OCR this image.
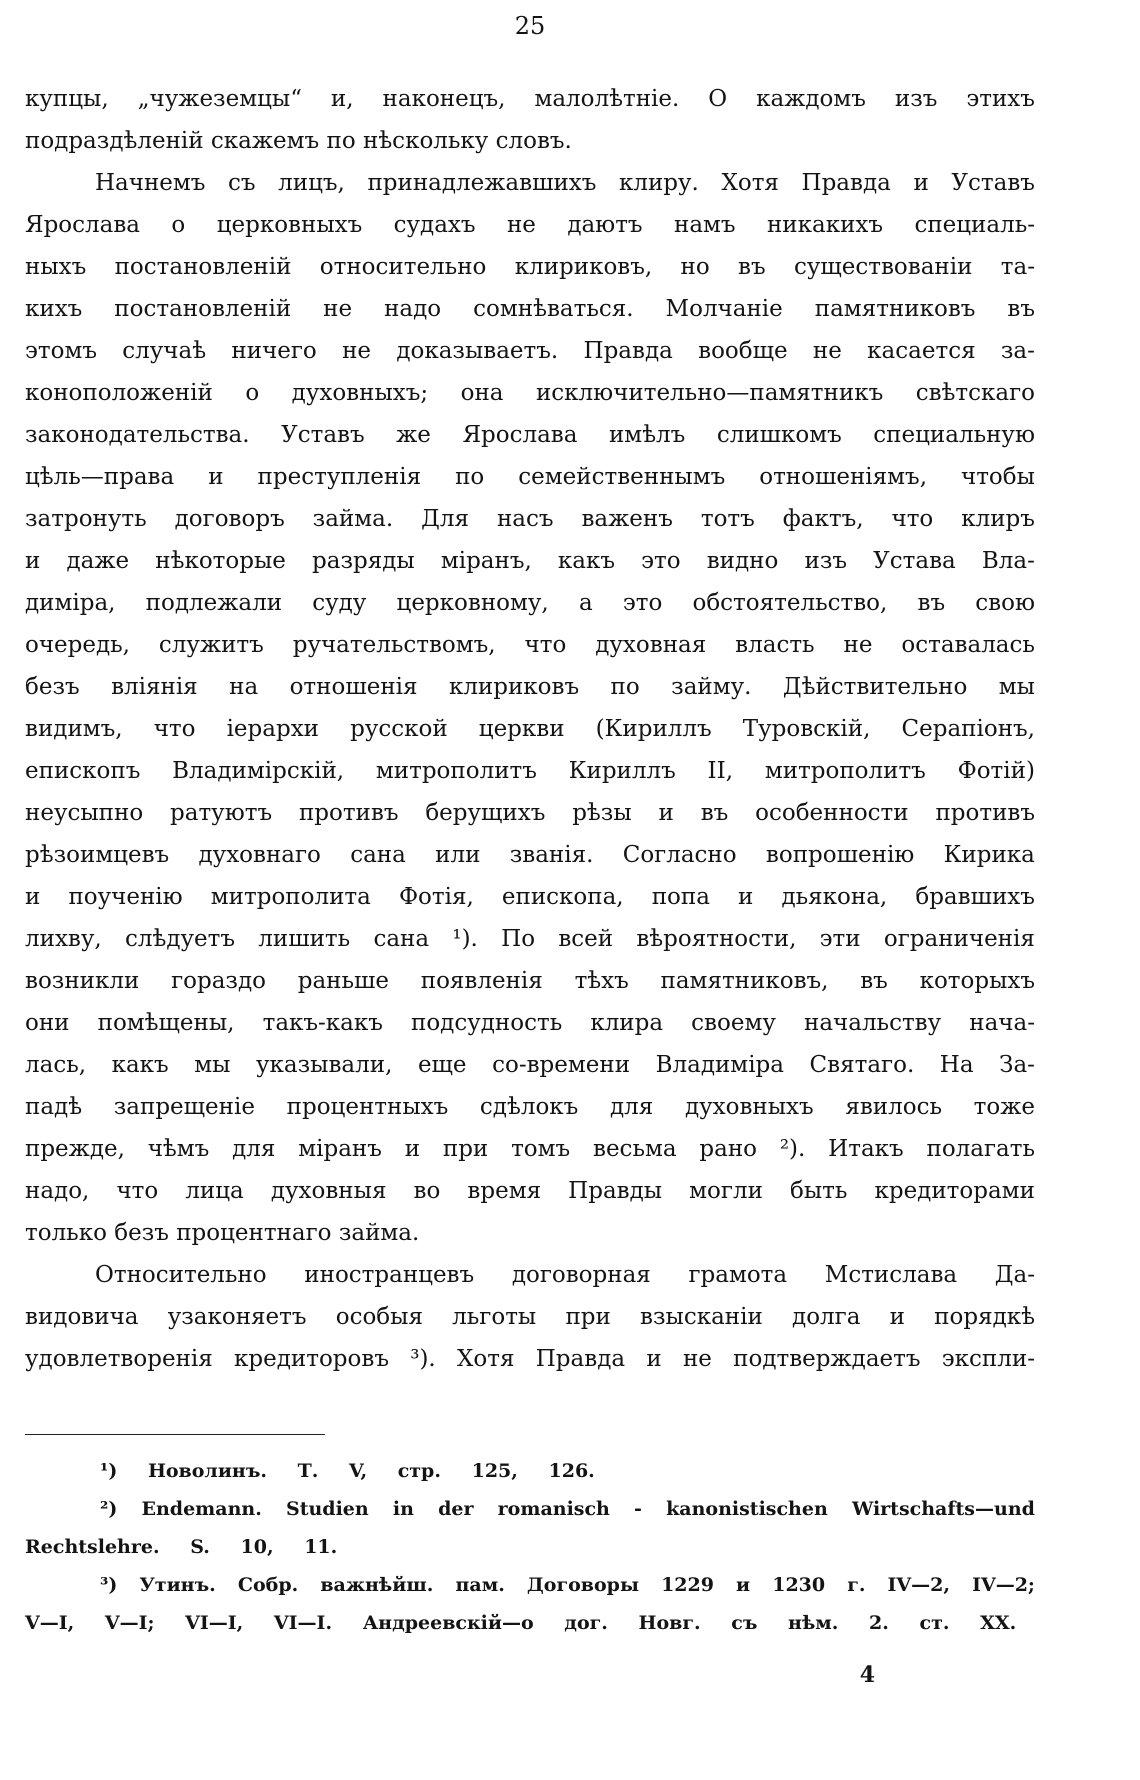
25
купцы, „чужеземцы“ и, наконецъ, малолѣтніе. О каждомъ изъ этихъ
подраздѣленій
скажемъ
по
нѣскольку
словъ.
Начнемъ съ лицъ, принадлежавшихъ клиру. Хотя Правда и Уставъ
Ярослава о церковныхъ судахъ не даютъ намъ никакихъ специаль-
ныхъ постановленій относительно клириковъ, но въ существованіи та-
кихъ постановленій не надо сомнѣваться. Молчаніе памятниковъ въ
этомъ случаѣ ничего не доказываетъ. Правда вообще не касается за-
конοположеній о духовныхъ; она исключительно—памятникъ свѣтскаго
законодательства. Уставъ же Ярослава имѣлъ слишкомъ специальную
цѣль—права и преступленія по семейственнымъ отношеніямъ, чтобы
затронуть договоръ займа. Для насъ важенъ тотъ фактъ, что клиръ
и даже нѣкоторые разряды міранъ, какъ это видно изъ Устава Вла-
диміра, подлежали суду церковному, а это обстоятельство, въ свою
очередь, служитъ ручательствомъ, что духовная власть не оставалась
безъ вліянія на отношенія клириковъ по займу. Дѣйствительно мы
видимъ, что іерархи русской церкви (Кириллъ Туровскій, Серапіонъ,
епископъ Владимірскій, митрополитъ Кириллъ II, митрополитъ Фотій)
неусыпно ратуютъ противъ берущихъ рѣзы и въ особенности противъ
рѣзоимцевъ духовнаго сана или званія. Согласно вопрошенію Кирика
и поученію митрополита Фотія, епископа, попа и дьякона, бравшихъ
лихву, слѣдуетъ лишить сана ¹). По всей вѣроятности, эти ограниченія
возникли гораздо раньше появленія тѣхъ памятниковъ, въ которыхъ
они помѣщены, такъ-какъ подсудность клира своему начальству нача-
лась, какъ мы указывали, еще со-времени Владиміра Святаго. На За-
падѣ запрещеніе процентныхъ сдѣлокъ для духовныхъ явилось тоже
прежде, чѣмъ для міранъ и при томъ весьма рано ²). Итакъ полагать
надо, что лица духовныя во время Правды могли быть кредиторами
только
безъ
процентнаго
займа.
Относительно иностранцевъ договорная грамота Мстислава Да-
видовича узаконяетъ особыя льготы при взысканіи долга и порядкѣ
удовлетворенія кредиторовъ ³). Хотя Правда и не подтверждаетъ экспли-
¹)
Новолинъ.
Т.
V,
стр.
125,
126.
²) Endemann. Studien in der romanisch - kanonistischen Wirtschafts—und
Rechtslehre.
S.
10,
11.
³) Утинъ. Собр. важнѣйш. пам. Договоры 1229 и 1230 г. IV—2, IV—2;
V—I,
V—I;
VI—I,
VI—I.
Андреевскій—о
дог.
Новг.
съ
нѣм.
2.
ст.
XX.
4
